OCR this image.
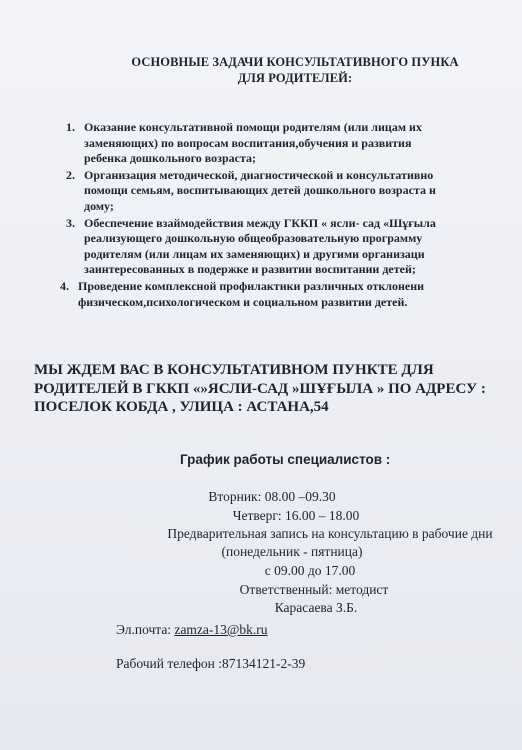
ОСНОВНЫЕ ЗАДАЧИ КОНСУЛЬТАТИВНОГО ПУНКА
ДЛЯ РОДИТЕЛЕЙ:
1. Оказание консультативной помощи родителям (или лицам их
заменяющих) по вопросам воспитания,обучения и развития
ребенка дошкольного возраста;
2. Организация методической, диагностической и консультативно
помощи семьям, воспитывающих детей дошкольного возраста н
дому;
3. Обеспечение взаймодействия между ГККП « ясли- сад «Шұғыла
реализующего дошкольную общеобразовательную программу
родителям (или лицам их заменяющих) и другими организаци
заинтересованных в подержке и развитии воспитании детей;
4. Проведение комплексной профилактики различных отклонени
физическом,психологическом и социальном развитии детей.
МЫ ЖДЕМ ВАС В КОНСУЛЬТАТИВНОМ ПУНКТЕ ДЛЯ
РОДИТЕЛЕЙ В ГККП «»ЯСЛИ-САД »ШҰҒЫЛА » ПО АДРЕСУ :
ПОСЕЛОК КОБДА , УЛИЦА : АСТАНА,54
График работы специалистов :
Вторник: 08.00 –09.30
Четверг: 16.00 – 18.00
Предварительная запись на консультацию в рабочие дни
(понедельник - пятница)
с 09.00 до 17.00
Ответственный: методист
Карасаева З.Б.
Эл.почта: zamza-13@bk.ru
Рабочий телефон :87134121-2-39
